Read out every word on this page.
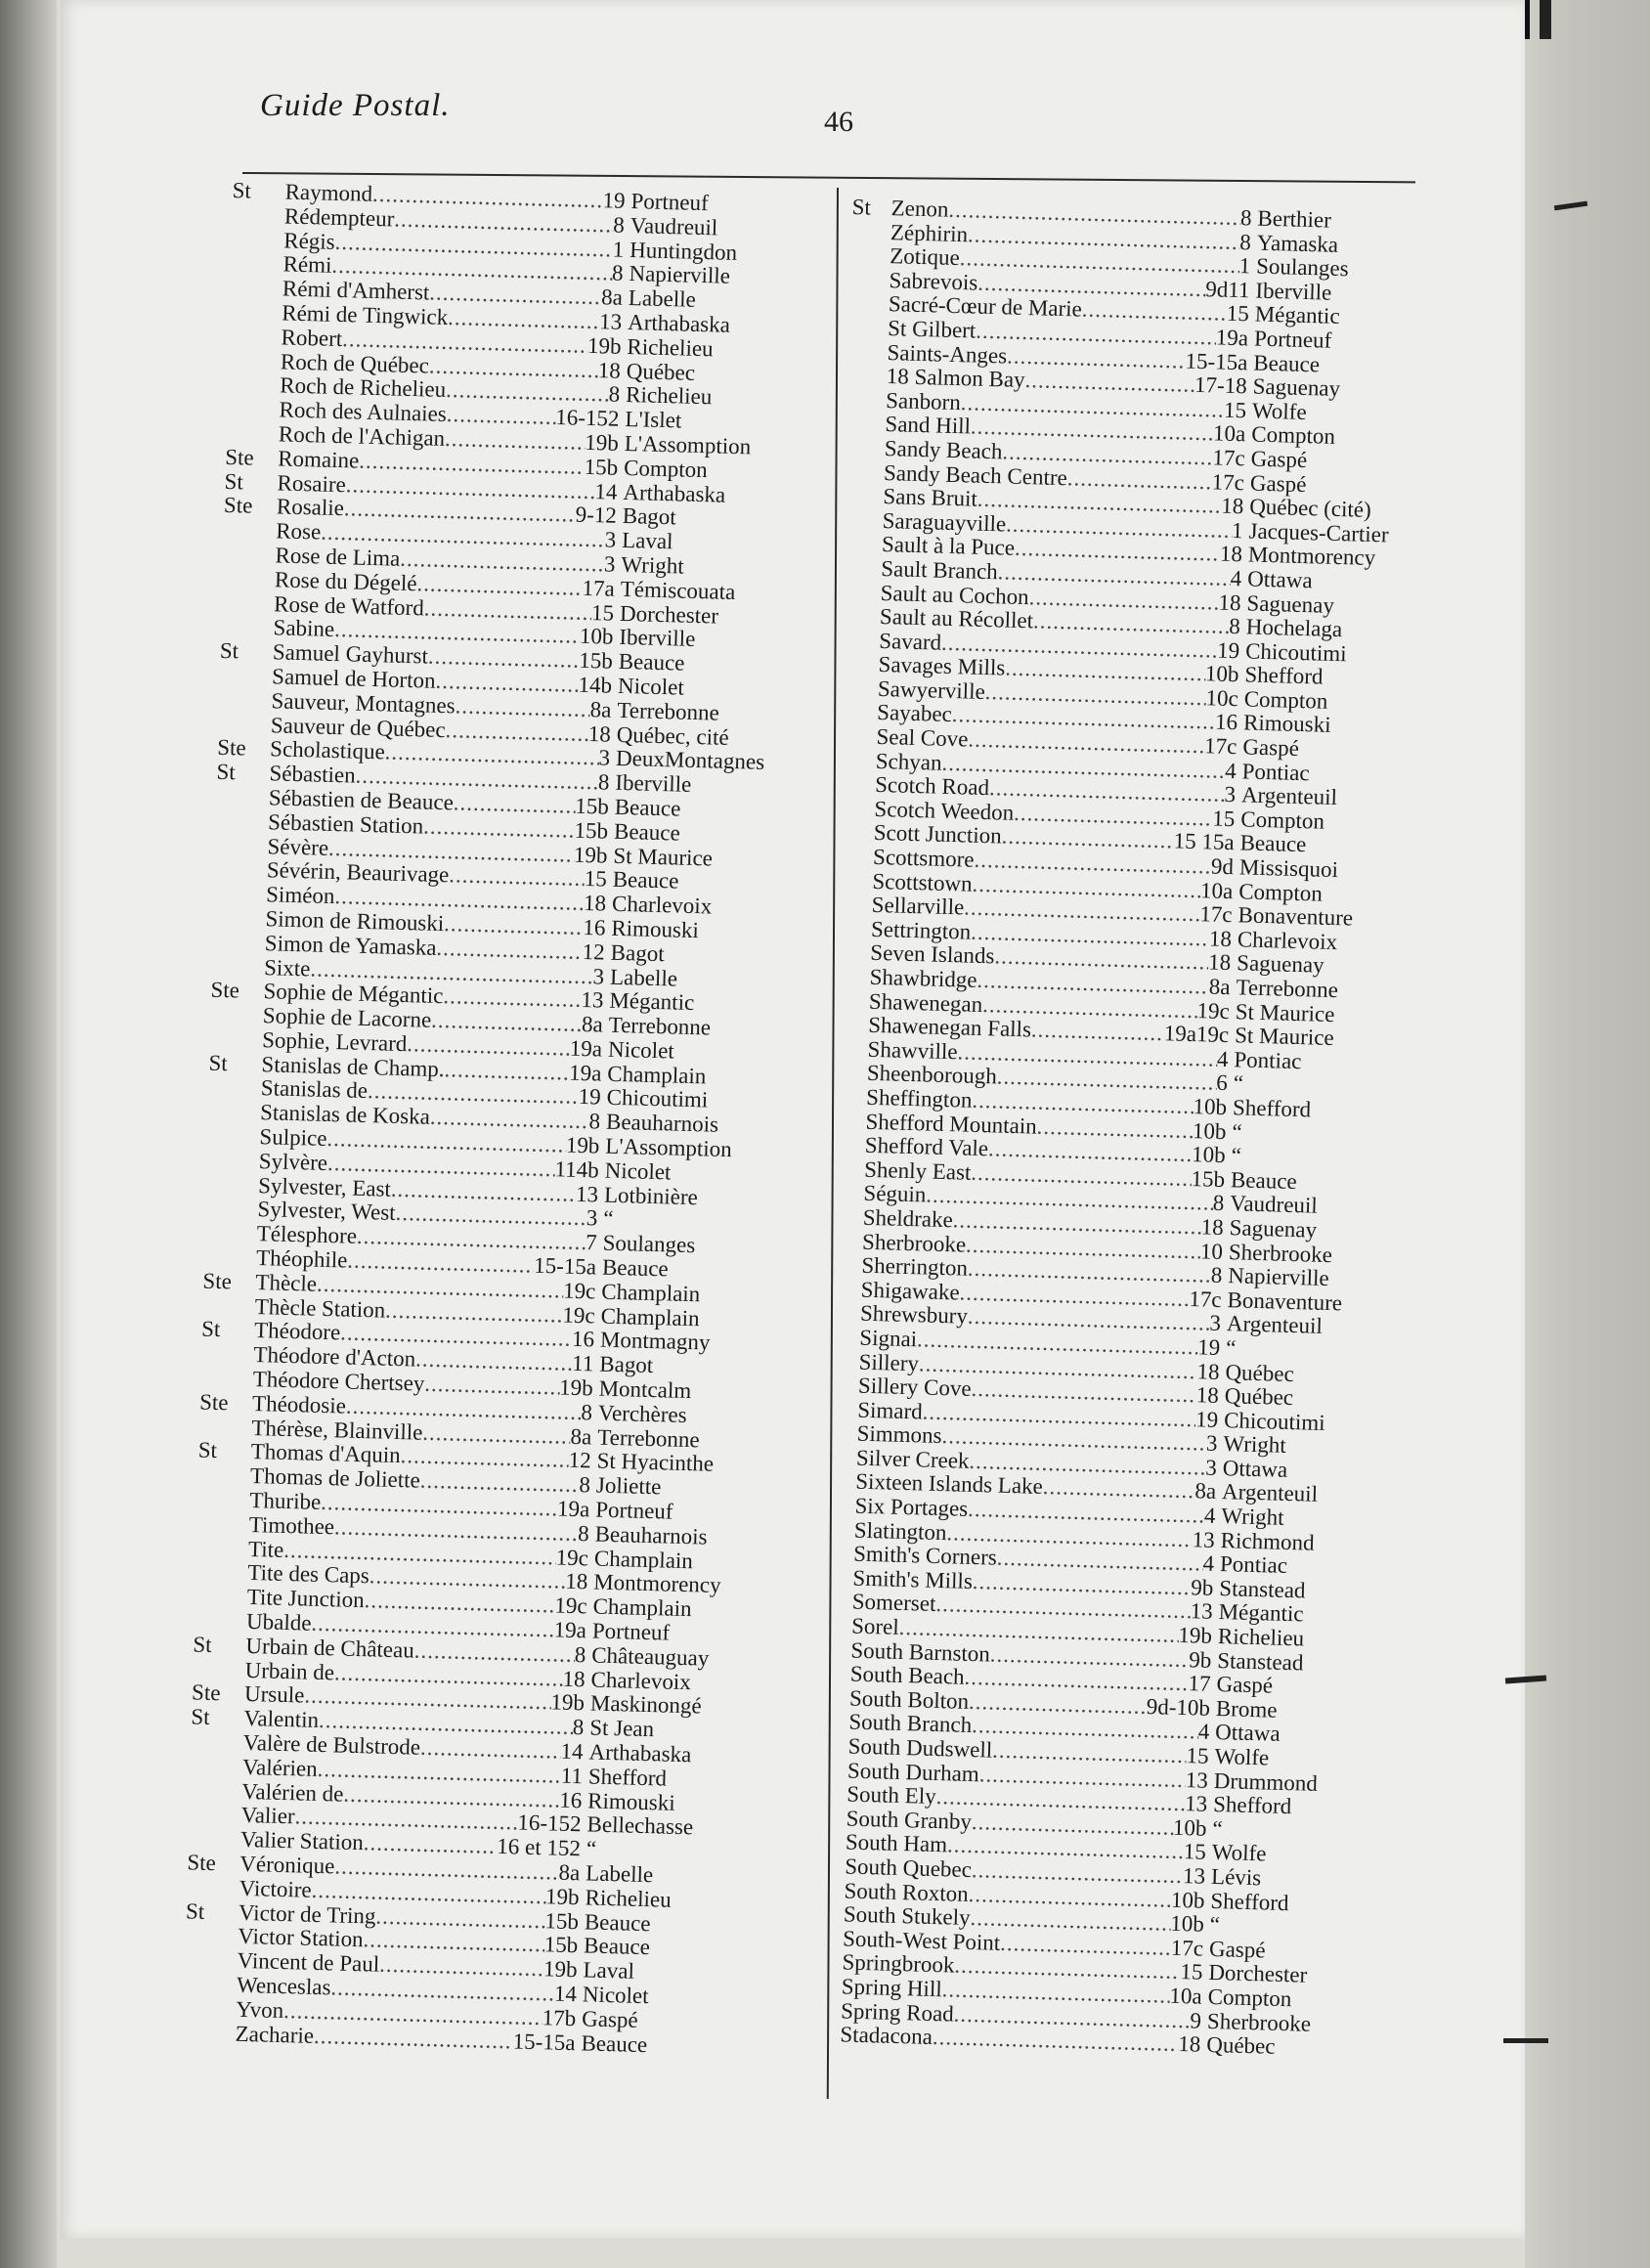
Guide Postal.	46
St	Raymond .....	19 Portneuf
Rédempteur .....	8 Vaudreuil
Régis .....	1 Huntingdon
Rémi .....	8 Napierville
Rémi d'Amherst .....	8a Labelle
Rémi de Tingwick .....	13 Arthabaska
Robert .....	19b Richelieu
Roch de Québec .....	18 Québec
Roch de Richelieu .....	8 Richelieu
Roch des Aulnaies .....	16-152 L'Islet
Roch de l'Achigan .....	19b L'Assomption
Ste	Romaine .....	15b Compton
St	Rosaire .....	14 Arthabaska
Ste	Rosalie .....	9-12 Bagot
Rose .....	3 Laval
Rose de Lima .....	3 Wright
Rose du Dégelé .....	17a Témiscouata
Rose de Watford .....	15 Dorchester
Sabine .....	10b Iberville
St	Samuel Gayhurst .....	15b Beauce
Samuel de Horton .....	14b Nicolet
Sauveur, Montagnes .....	8a Terrebonne
Sauveur de Québec .....	18 Québec, cité
Ste	Scholastique .....	3 DeuxMontagnes
St	Sébastien .....	8 Iberville
Sébastien de Beauce .....	15b Beauce
Sébastien Station .....	15b Beauce
Sévère .....	19b St Maurice
Sévérin, Beaurivage .....	15 Beauce
Siméon .....	18 Charlevoix
Simon de Rimouski .....	16 Rimouski
Simon de Yamaska .....	12 Bagot
Sixte .....	3 Labelle
Ste	Sophie de Mégantic .....	13 Mégantic
Sophie de Lacorne .....	8a Terrebonne
Sophie, Levrard .....	19a Nicolet
St	Stanislas de Champ. .....	19a Champlain
Stanislas de .....	19 Chicoutimi
Stanislas de Koska .....	8 Beauharnois
Sulpice .....	19b L'Assomption
Sylvère .....	114b Nicolet
Sylvester, East .....	13 Lotbinière
Sylvester, West .....	3 “
Télesphore .....	7 Soulanges
Théophile .....	15-15a Beauce
Ste	Thècle .....	19c Champlain
Thècle Station .....	19c Champlain
St	Théodore .....	16 Montmagny
Théodore d'Acton .....	11 Bagot
Théodore Chertsey .....	19b Montcalm
Ste	Théodosie .....	8 Verchères
Thérèse, Blainville .....	8a Terrebonne
St	Thomas d'Aquin .....	12 St Hyacinthe
Thomas de Joliette .....	8 Joliette
Thuribe .....	19a Portneuf
Timothee .....	8 Beauharnois
Tite .....	19c Champlain
Tite des Caps .....	18 Montmorency
Tite Junction .....	19c Champlain
Ubalde .....	19a Portneuf
St	Urbain de Château .....	8 Châteauguay
Urbain de .....	18 Charlevoix
Ste	Ursule .....	19b Maskinongé
St	Valentin .....	8 St Jean
Valère de Bulstrode .....	14 Arthabaska
Valérien .....	11 Shefford
Valérien de .....	16 Rimouski
Valier .....	16-152 Bellechasse
Valier Station .....	16 et 152 “
Ste	Véronique .....	8a Labelle
Victoire .....	19b Richelieu
St	Victor de Tring .....	15b Beauce
Victor Station .....	15b Beauce
Vincent de Paul .....	19b Laval
Wenceslas .....	14 Nicolet
Yvon .....	17b Gaspé
Zacharie .....	15-15a Beauce
St Zenon .....	8 Berthier
Zéphirin .....	8 Yamaska
Zotique .....	1 Soulanges
Sabrevois .....	9d11 Iberville
Sacré-Cœur de Marie .....	15 Mégantic
St Gilbert .....	19a Portneuf
Saints-Anges .....	15-15a Beauce
18 Salmon Bay .....	17-18 Saguenay
Sanborn .....	15 Wolfe
Sand Hill .....	10a Compton
Sandy Beach .....	17c Gaspé
Sandy Beach Centre .....	17c Gaspé
Sans Bruit .....	18 Québec (cité)
Saraguayville .....	1 Jacques-Cartier
Sault à la Puce .....	18 Montmorency
Sault Branch .....	4 Ottawa
Sault au Cochon .....	18 Saguenay
Sault au Récollet .....	8 Hochelaga
Savard .....	19 Chicoutimi
Savages Mills .....	10b Shefford
Sawyerville .....	10c Compton
Sayabec .....	16 Rimouski
Seal Cove .....	17c Gaspé
Schyan .....	4 Pontiac
Scotch Road .....	3 Argenteuil
Scotch Weedon .....	15 Compton
Scott Junction .....	15 15a Beauce
Scottsmore .....	9d Missisquoi
Scottstown .....	10a Compton
Sellarville .....	17c Bonaventure
Settrington .....	18 Charlevoix
Seven Islands .....	18 Saguenay
Shawbridge .....	8a Terrebonne
Shawenegan .....	19c St Maurice
Shawenegan Falls .....	19a19c St Maurice
Shawville .....	4 Pontiac
Sheenborough .....	6 “
Sheffington .....	10b Shefford
Shefford Mountain .....	10b “
Shefford Vale .....	10b “
Shenly East .....	15b Beauce
Séguin .....	8 Vaudreuil
Sheldrake .....	18 Saguenay
Sherbrooke .....	10 Sherbrooke
Sherrington .....	8 Napierville
Shigawake .....	17c Bonaventure
Shrewsbury .....	3 Argenteuil
Signai .....	19 “
Sillery .....	18 Québec
Sillery Cove .....	18 Québec
Simard .....	19 Chicoutimi
Simmons .....	3 Wright
Silver Creek .....	3 Ottawa
Sixteen Islands Lake .....	8a Argenteuil
Six Portages .....	4 Wright
Slatington .....	13 Richmond
Smith's Corners .....	4 Pontiac
Smith's Mills .....	9b Stanstead
Somerset .....	13 Mégantic
Sorel .....	19b Richelieu
South Barnston .....	9b Stanstead
South Beach .....	17 Gaspé
South Bolton .....	9d-10b Brome
South Branch .....	4 Ottawa
South Dudswell .....	15 Wolfe
South Durham .....	13 Drummond
South Ely .....	13 Shefford
South Granby .....	10b “
South Ham .....	15 Wolfe
South Quebec .....	13 Lévis
South Roxton .....	10b Shefford
South Stukely .....	10b “
South-West Point .....	17c Gaspé
Springbrook .....	15 Dorchester
Spring Hill .....	10a Compton
Spring Road .....	9 Sherbrooke
Stadacona .....	18 Québec
